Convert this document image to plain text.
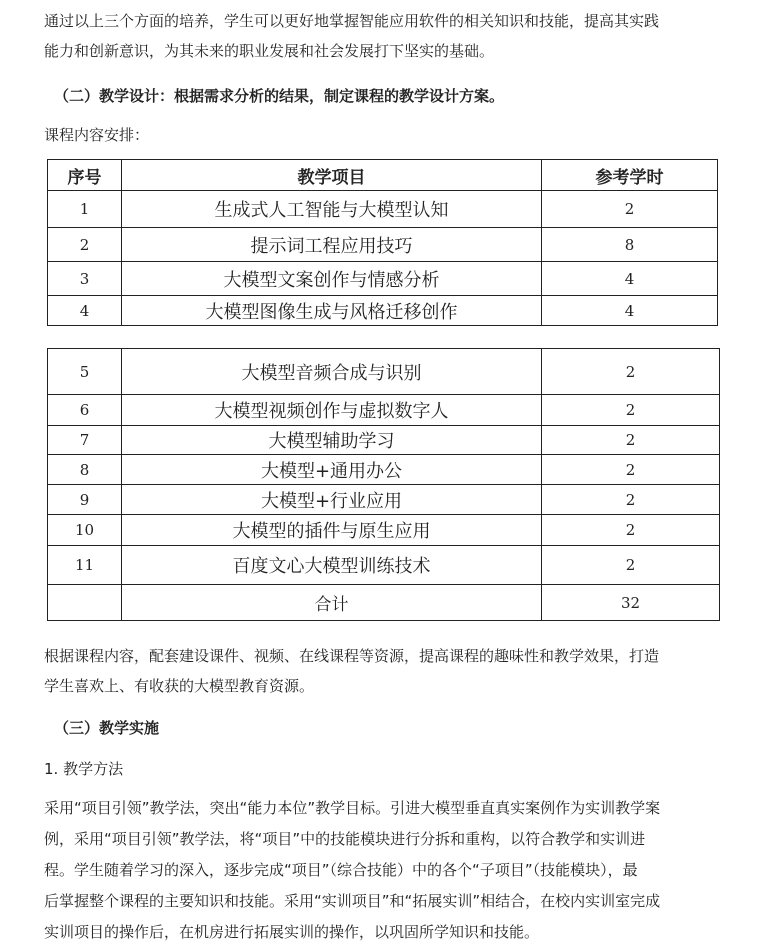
通过以上三个方面的培养，学生可以更好地掌握智能应用软件的相关知识和技能，提高其实践
能力和创新意识，为其未来的职业发展和社会发展打下坚实的基础。
（二）教学设计：根据需求分析的结果，制定课程的教学设计方案。
课程内容安排：
序号	教学项目	参考学时
1	生成式人工智能与大模型认知	2
2	提示词工程应用技巧	8
3	大模型文案创作与情感分析	4
4	大模型图像生成与风格迁移创作	4
5	大模型音频合成与识别	2
6	大模型视频创作与虚拟数字人	2
7	大模型辅助学习	2
8	大模型+通用办公	2
9	大模型+行业应用	2
10	大模型的插件与原生应用	2
11	百度文心大模型训练技术	2
	合计	32
根据课程内容，配套建设课件、视频、在线课程等资源，提高课程的趣味性和教学效果，打造
学生喜欢上、有收获的大模型教育资源。
（三）教学实施
1. 教学方法
采用“项目引领”教学法，突出“能力本位”教学目标。引进大模型垂直真实案例作为实训教学案
例，采用“项目引领”教学法，将“项目”中的技能模块进行分拆和重构，以符合教学和实训进
程。学生随着学习的深入，逐步完成“项目”（综合技能）中的各个“子项目”（技能模块），最
后掌握整个课程的主要知识和技能。采用“实训项目”和“拓展实训”相结合，在校内实训室完成
实训项目的操作后，在机房进行拓展实训的操作，以巩固所学知识和技能。
